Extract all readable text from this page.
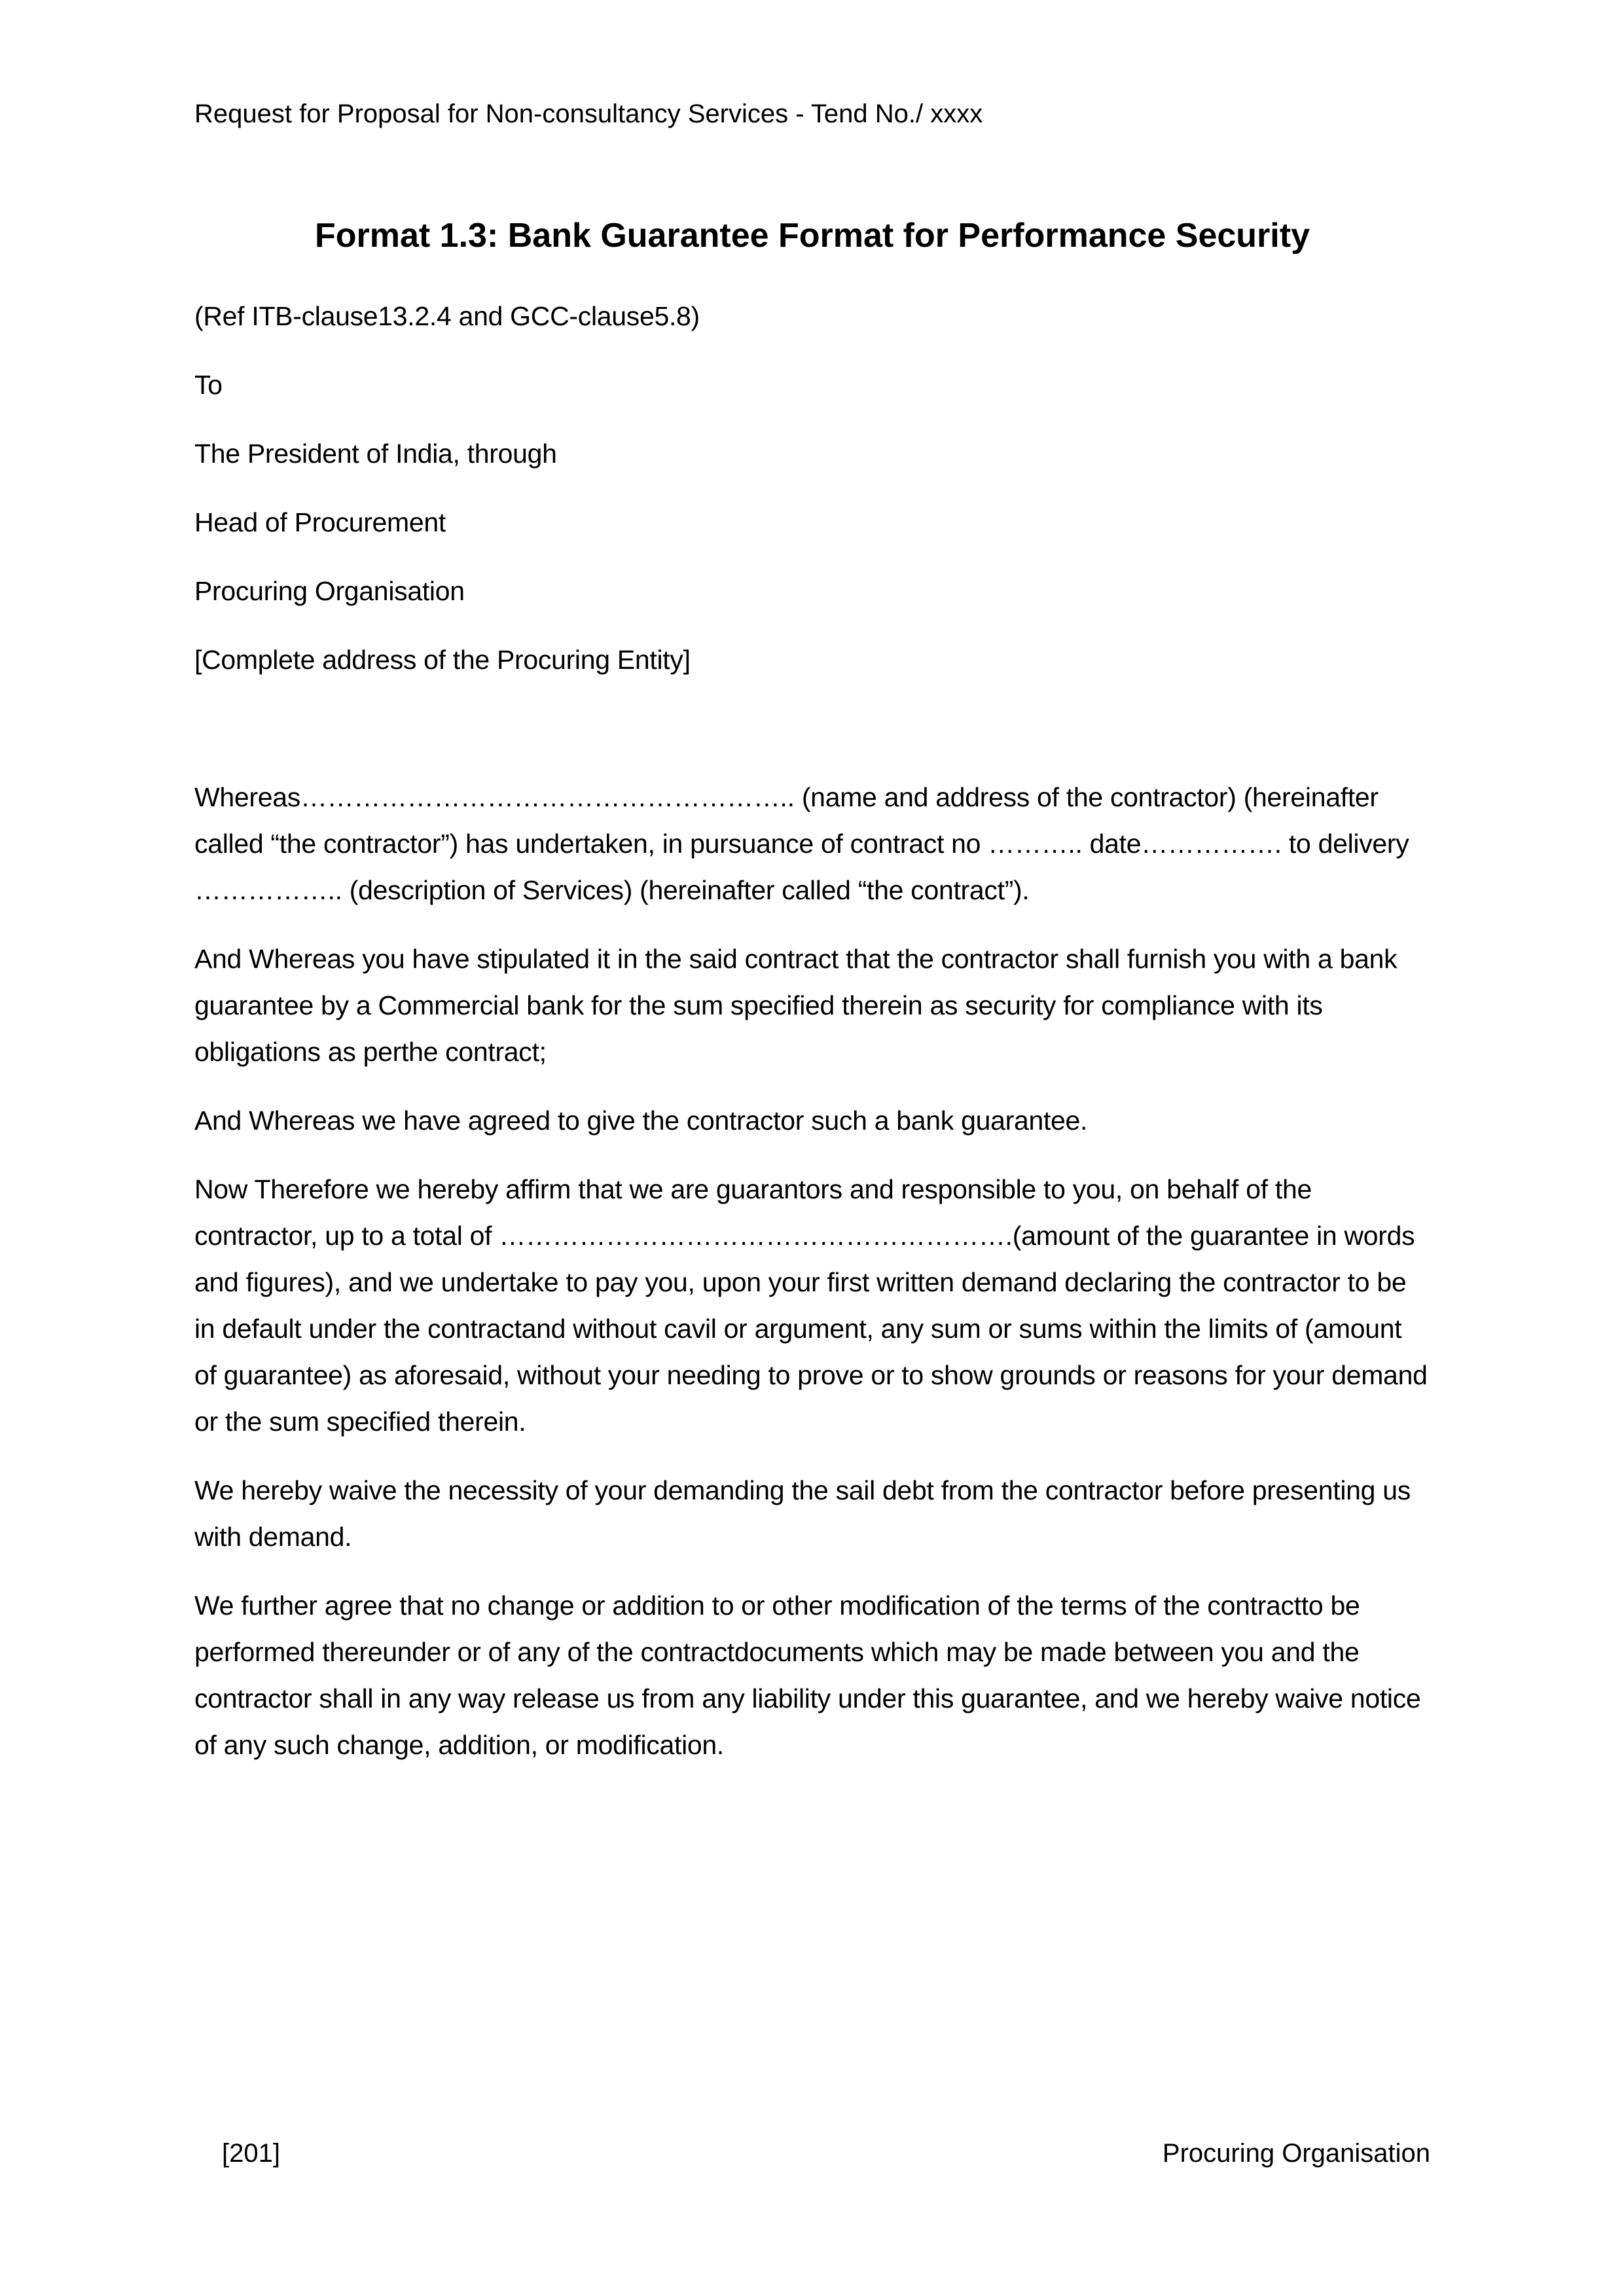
Request for Proposal for Non-consultancy Services - Tend No./ xxxx

Format 1.3: Bank Guarantee Format for Performance Security

(Ref ITB-clause13.2.4 and GCC-clause5.8)

To

The President of India, through

Head of Procurement

Procuring Organisation

[Complete address of the Procuring Entity]

Whereas……………………………………………….. (name and address of the contractor) (hereinafter called “the contractor”) has undertaken, in pursuance of contract no ……….. date……………. to delivery …………….. (description of Services) (hereinafter called “the contract”).

And Whereas you have stipulated it in the said contract that the contractor shall furnish you with a bank guarantee by a Commercial bank for the sum specified therein as security for compliance with its obligations as perthe contract;

And Whereas we have agreed to give the contractor such a bank guarantee.

Now Therefore we hereby affirm that we are guarantors and responsible to you, on behalf of the contractor, up to a total of ………………………………………………….(amount of the guarantee in words and figures), and we undertake to pay you, upon your first written demand declaring the contractor to be in default under the contractand without cavil or argument, any sum or sums within the limits of (amount of guarantee) as aforesaid, without your needing to prove or to show grounds or reasons for your demand or the sum specified therein.

We hereby waive the necessity of your demanding the sail debt from the contractor before presenting us with demand.

We further agree that no change or addition to or other modification of the terms of the contractto be performed thereunder or of any of the contractdocuments which may be made between you and the contractor shall in any way release us from any liability under this guarantee, and we hereby waive notice of any such change, addition, or modification.

[201]	Procuring Organisation
